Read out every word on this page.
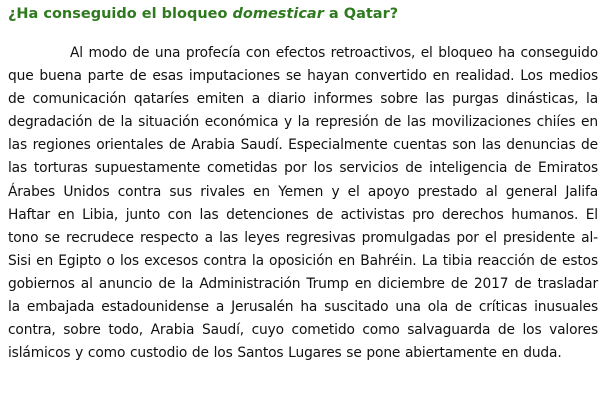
¿Ha conseguido el bloqueo domesticar a Qatar?

Al modo de una profecía con efectos retroactivos, el bloqueo ha conseguido que buena parte de esas imputaciones se hayan convertido en realidad. Los medios de comunicación qataríes emiten a diario informes sobre las purgas dinásticas, la degradación de la situación económica y la represión de las movilizaciones chiíes en las regiones orientales de Arabia Saudí. Especialmente cuentas son las denuncias de las torturas supuestamente cometidas por los servicios de inteligencia de Emiratos Árabes Unidos contra sus rivales en Yemen y el apoyo prestado al general Jalifa Haftar en Libia, junto con las detenciones de activistas pro derechos humanos. El tono se recrudece respecto a las leyes regresivas promulgadas por el presidente al-Sisi en Egipto o los excesos contra la oposición en Bahréin. La tibia reacción de estos gobiernos al anuncio de la Administración Trump en diciembre de 2017 de trasladar la embajada estadounidense a Jerusalén ha suscitado una ola de críticas inusuales contra, sobre todo, Arabia Saudí, cuyo cometido como salvaguarda de los valores islámicos y como custodio de los Santos Lugares se pone abiertamente en duda.
